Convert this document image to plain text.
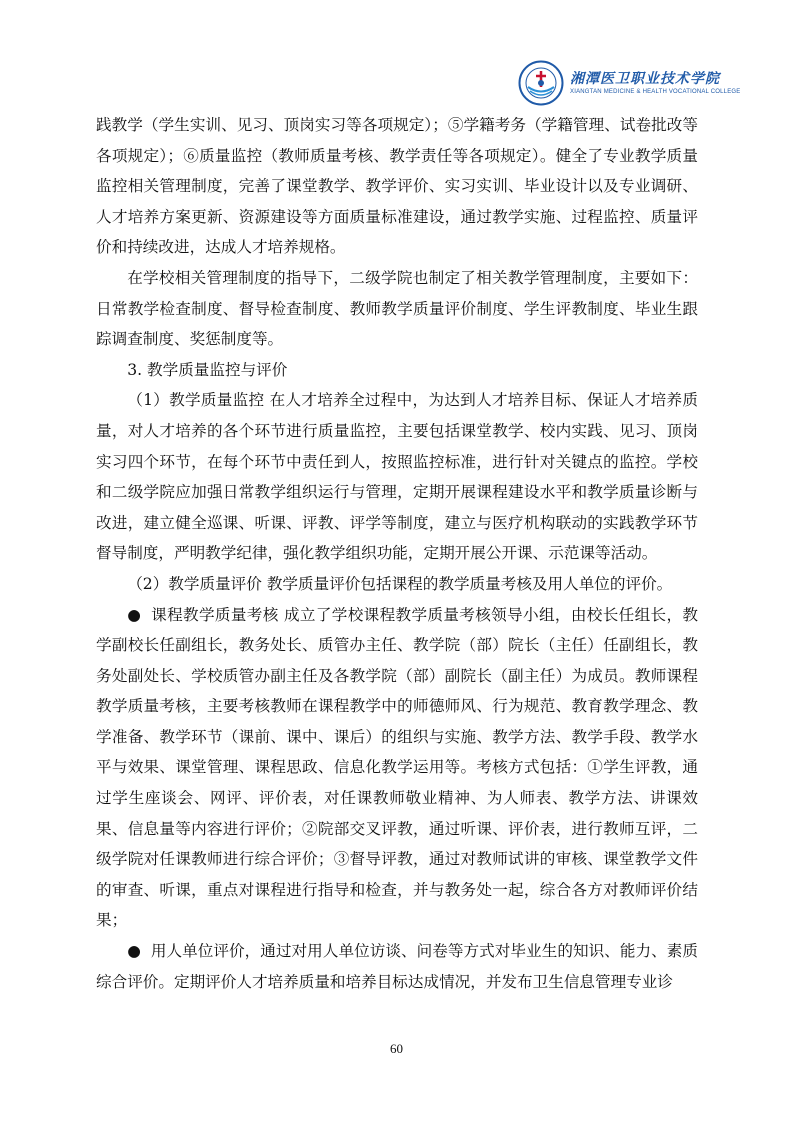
湘潭医卫职业技术学院
XIANGTAN MEDICINE & HEALTH VOCATIONAL COLLEGE

践教学（学生实训、见习、顶岗实习等各项规定）；⑤学籍考务（学籍管理、试卷批改等各项规定）；⑥质量监控（教师质量考核、教学责任等各项规定）。健全了专业教学质量监控相关管理制度，完善了课堂教学、教学评价、实习实训、毕业设计以及专业调研、人才培养方案更新、资源建设等方面质量标准建设，通过教学实施、过程监控、质量评价和持续改进，达成人才培养规格。

在学校相关管理制度的指导下，二级学院也制定了相关教学管理制度，主要如下：日常教学检查制度、督导检查制度、教师教学质量评价制度、学生评教制度、毕业生跟踪调查制度、奖惩制度等。

3. 教学质量监控与评价

（1）教学质量监控 在人才培养全过程中，为达到人才培养目标、保证人才培养质量，对人才培养的各个环节进行质量监控，主要包括课堂教学、校内实践、见习、顶岗实习四个环节，在每个环节中责任到人，按照监控标准，进行针对关键点的监控。学校和二级学院应加强日常教学组织运行与管理，定期开展课程建设水平和教学质量诊断与改进，建立健全巡课、听课、评教、评学等制度，建立与医疗机构联动的实践教学环节督导制度，严明教学纪律，强化教学组织功能，定期开展公开课、示范课等活动。

（2）教学质量评价 教学质量评价包括课程的教学质量考核及用人单位的评价。

● 课程教学质量考核 成立了学校课程教学质量考核领导小组，由校长任组长，教学副校长任副组长，教务处长、质管办主任、教学院（部）院长（主任）任副组长，教务处副处长、学校质管办副主任及各教学院（部）副院长（副主任）为成员。教师课程教学质量考核，主要考核教师在课程教学中的师德师风、行为规范、教育教学理念、教学准备、教学环节（课前、课中、课后）的组织与实施、教学方法、教学手段、教学水平与效果、课堂管理、课程思政、信息化教学运用等。考核方式包括：①学生评教，通过学生座谈会、网评、评价表，对任课教师敬业精神、为人师表、教学方法、讲课效果、信息量等内容进行评价；②院部交叉评教，通过听课、评价表，进行教师互评，二级学院对任课教师进行综合评价；③督导评教，通过对教师试讲的审核、课堂教学文件的审查、听课，重点对课程进行指导和检查，并与教务处一起，综合各方对教师评价结果；

● 用人单位评价，通过对用人单位访谈、问卷等方式对毕业生的知识、能力、素质综合评价。定期评价人才培养质量和培养目标达成情况，并发布卫生信息管理专业诊

60
